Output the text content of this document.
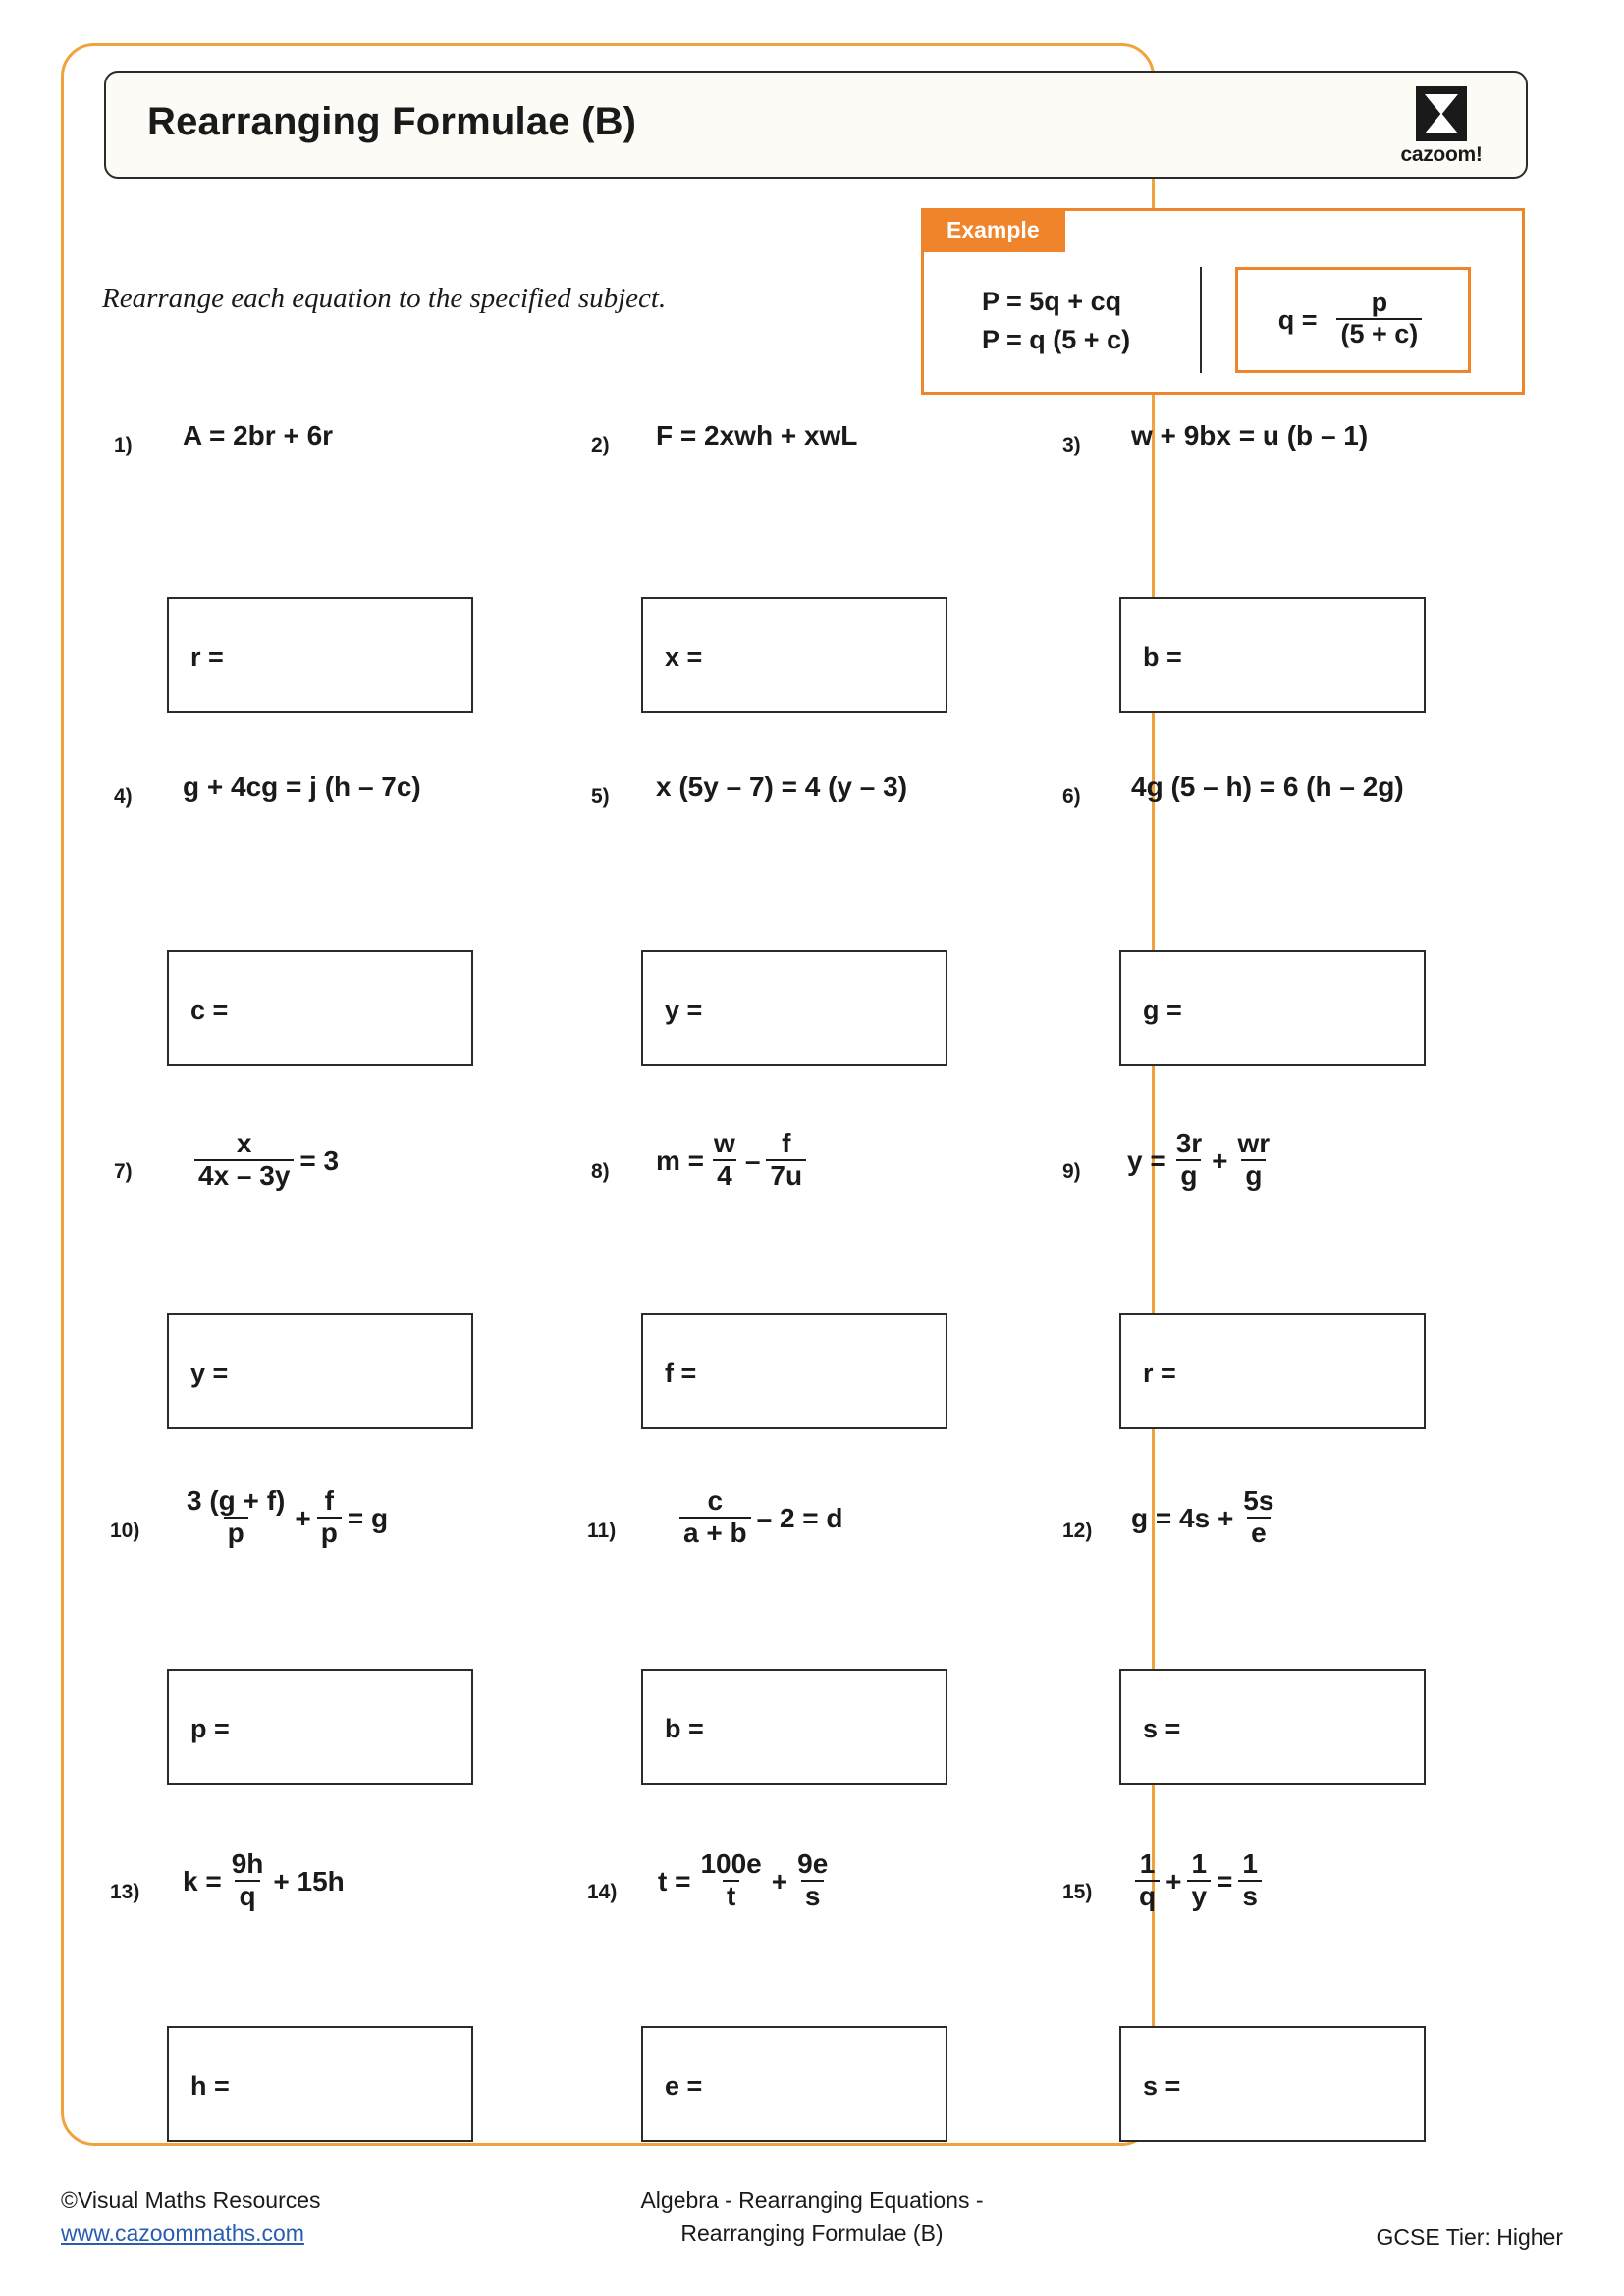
Rearranging Formulae (B)
cazoom!
Rearrange each equation to the specified subject.
Example
P = 5q + cq
P = q (5 + c)
$q = \frac{p}{(5 + c)}$
1) A = 2br + 6r	2) F = 2xwh + xwL	3) w + 9bx = u (b – 1)
r =	x =	b =
4) g + 4cg = j (h – 7c)	5) x (5y – 7) = 4 (y – 3)	6) 4g (5 – h) = 6 (h – 2g)
c =	y =	g =
$7) \frac{x}{4x - 3y} = 3$	8) $m = \frac{w}{4} - \frac{f}{7u}$	9) $y = \frac{3r}{g} + \frac{wr}{g}$
y =	f =	r =
$10) \frac{3 (g + f)}{p} + \frac{f}{p} = g$	$11) \frac{c}{a + b} - 2 = d$	12) $g = 4s + \frac{5s}{e}$
p =	b =	s =
13) $k = \frac{9h}{q} + 15h$	14) $t = \frac{100e}{t} + \frac{9e}{s}$	$15) \frac{1}{q} + \frac{1}{y} = \frac{1}{s}$
h =	e =	s =
©Visual Maths Resources
www.cazoommaths.com
Algebra - Rearranging Equations -
Rearranging Formulae (B)	GCSE Tier: Higher
